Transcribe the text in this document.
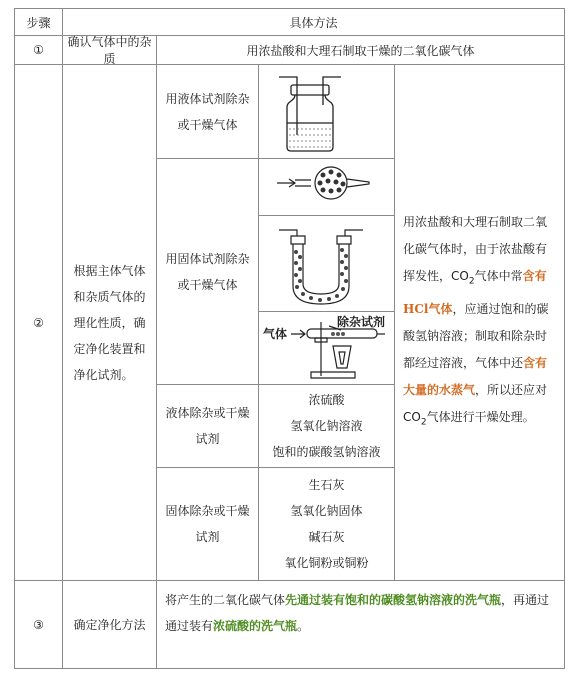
步骤	具体方法
①
确认气体中的杂质
用浓盐酸和大理石制取干燥的二氧化碳气体
②
根据主体气体
和杂质气体的
理化性质，确
定净化装置和
净化试剂。
用液体试剂除杂
或干燥气体
用固体试剂除杂
或干燥气体
除杂试剂
气体
液体除杂或干燥
试剂
浓硫酸
氢氧化钠溶液
饱和的碳酸氢钠溶液
固体除杂或干燥
试剂
生石灰
氢氧化钠固体
碱石灰
氧化铜粉或铜粉
用浓盐酸和大理石制取二氧化碳气体时，由于浓盐酸有挥发性，$CO_2$气体中常含有HCl气体，应通过饱和的碳酸氢钠溶液；制取和除杂时都经过溶液，气体中还含有大量的水蒸气，所以还应对$CO_2$气体进行干燥处理。
③	确定净化方法
将产生的二氧化碳气体先通过装有饱和的碳酸氢钠溶液的洗气瓶，再通过通过装有浓硫酸的洗气瓶。
